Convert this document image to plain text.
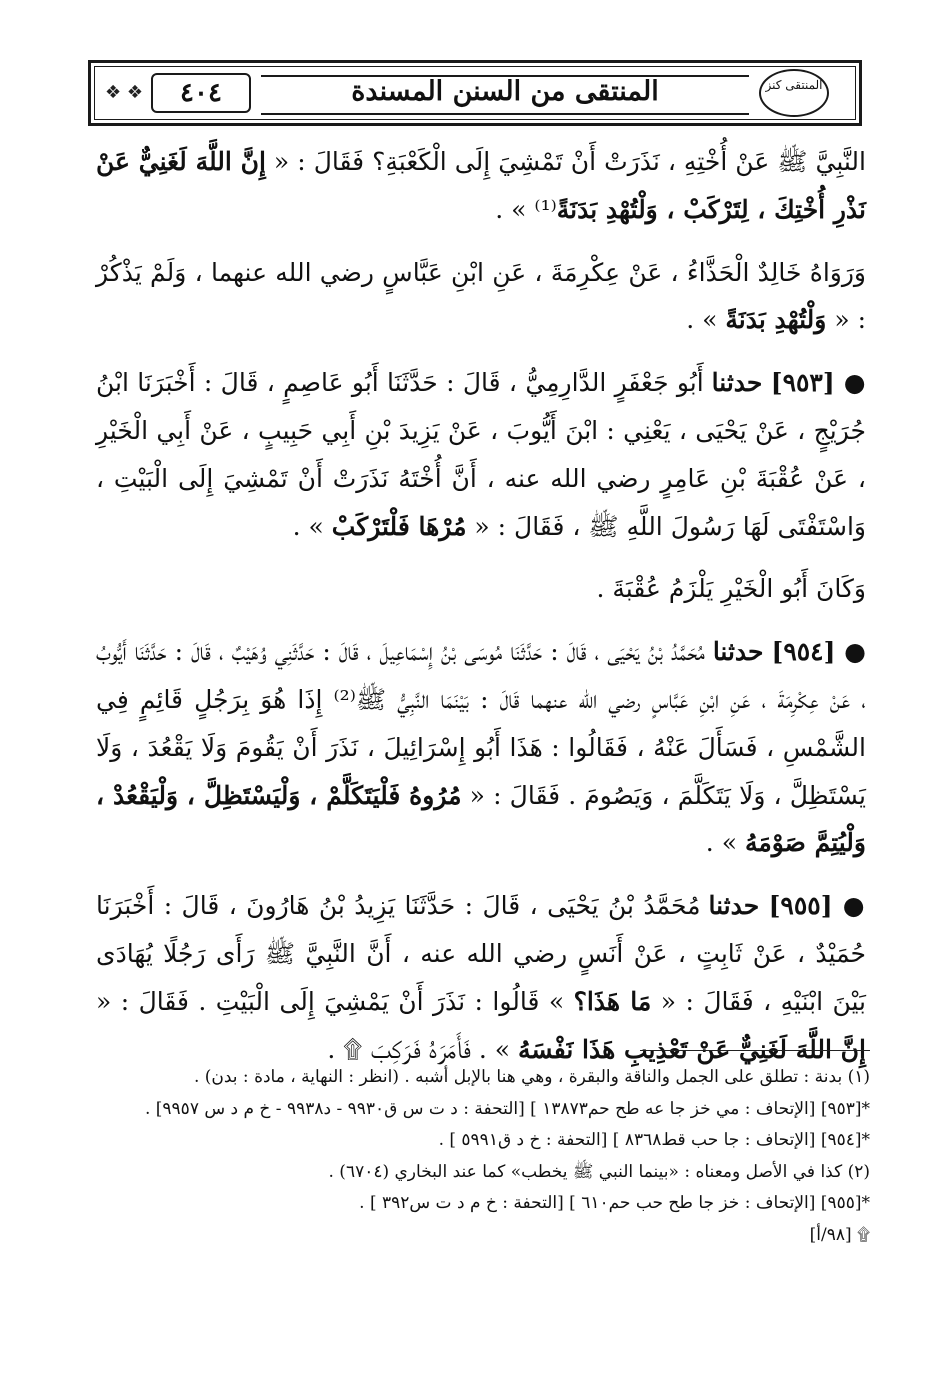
❖ ❖	٤٠٤	المنتقى من السنن المسندة	المنتقى كنز

النَّبِيَّ ﷺ عَنْ أُخْتِهِ ، نَذَرَتْ أَنْ تَمْشِيَ إِلَى الْكَعْبَةِ؟ فَقَالَ : « إِنَّ اللَّهَ لَغَنِيٌّ عَنْ نَذْرِ أُخْتِكَ ، لِتَرْكَبْ ، وَلْتُهْدِ بَدَنَةً⁽¹⁾ » .

وَرَوَاهُ خَالِدٌ الْحَذَّاءُ ، عَنْ عِكْرِمَةَ ، عَنِ ابْنِ عَبَّاسٍ رضي الله عنهما ، وَلَمْ يَذْكُرْ : « وَلْتُهْدِ بَدَنَةً » .

● [٩٥٣] حدثنا أَبُو جَعْفَرٍ الدَّارِمِيُّ ، قَالَ : حَدَّثَنَا أَبُو عَاصِمٍ ، قَالَ : أَخْبَرَنَا ابْنُ جُرَيْجٍ ، عَنْ يَحْيَى ، يَعْنِي : ابْنَ أَيُّوبَ ، عَنْ يَزِيدَ بْنِ أَبِي حَبِيبٍ ، عَنْ أَبِي الْخَيْرِ ، عَنْ عُقْبَةَ بْنِ عَامِرٍ رضي الله عنه ، أَنَّ أُخْتَهُ نَذَرَتْ أَنْ تَمْشِيَ إِلَى الْبَيْتِ ، وَاسْتَفْتَى لَهَا رَسُولَ اللَّهِ ﷺ ، فَقَالَ : « مُرْهَا فَلْتَرْكَبْ » .

وَكَانَ أَبُو الْخَيْرِ يَلْزَمُ عُقْبَةَ .

● [٩٥٤] حدثنا مُحَمَّدُ بْنُ يَحْيَى ، قَالَ : حَدَّثَنَا مُوسَى بْنُ إِسْمَاعِيلَ ، قَالَ : حَدَّثَنِي وُهَيْبٌ ، قَالَ : حَدَّثَنَا أَيُّوبُ ، عَنْ عِكْرِمَةَ ، عَنِ ابْنِ عَبَّاسٍ رضي الله عنهما قَالَ : بَيْنَمَا النَّبِيُّ ﷺ⁽²⁾ إِذَا هُوَ بِرَجُلٍ قَائِمٍ فِي الشَّمْسِ ، فَسَأَلَ عَنْهُ ، فَقَالُوا : هَذَا أَبُو إِسْرَائِيلَ ، نَذَرَ أَنْ يَقُومَ وَلَا يَقْعُدَ ، وَلَا يَسْتَظِلَّ ، وَلَا يَتَكَلَّمَ ، وَيَصُومَ . فَقَالَ : « مُرُوهُ فَلْيَتَكَلَّمْ ، وَلْيَسْتَظِلَّ ، وَلْيَقْعُدْ ، وَلْيُتِمَّ صَوْمَهُ » .

● [٩٥٥] حدثنا مُحَمَّدُ بْنُ يَحْيَى ، قَالَ : حَدَّثَنَا يَزِيدُ بْنُ هَارُونَ ، قَالَ : أَخْبَرَنَا حُمَيْدٌ ، عَنْ ثَابِتٍ ، عَنْ أَنَسٍ رضي الله عنه ، أَنَّ النَّبِيَّ ﷺ رَأَى رَجُلًا يُهَادَى بَيْنَ ابْنَيْهِ ، فَقَالَ : « مَا هَذَا؟ » قَالُوا : نَذَرَ أَنْ يَمْشِيَ إِلَى الْبَيْتِ . فَقَالَ : « إِنَّ اللَّهَ لَغَنِيٌّ عَنْ تَعْذِيبِ هَذَا نَفْسَهُ » . فَأَمَرَهُ فَرَكِبَ ۩ .

(١) بدنة : تطلق على الجمل والناقة والبقرة ، وهي هنا بالإبل أشبه . (انظر : النهاية ، مادة : بدن) .

*[٩٥٣] [الإتحاف : مي خز جا عه طح حم١٣٨٧٣ ] [التحفة : د ت س ق٩٩٣٠ - د٩٩٣٨ - خ م د س ٩٩٥٧] .

*[٩٥٤] [الإتحاف : جا حب قط٨٣٦٨ ] [التحفة : خ د ق٥٩٩١ ] .

(٢) كذا في الأصل ومعناه : «بينما النبي ﷺ يخطب» كما عند البخاري (٦٧٠٤) .

*[٩٥٥] [الإتحاف : خز جا طح حب حم٦١٠ ] [التحفة : خ م د ت س٣٩٢ ] .

۩ [٩٨/أ]
